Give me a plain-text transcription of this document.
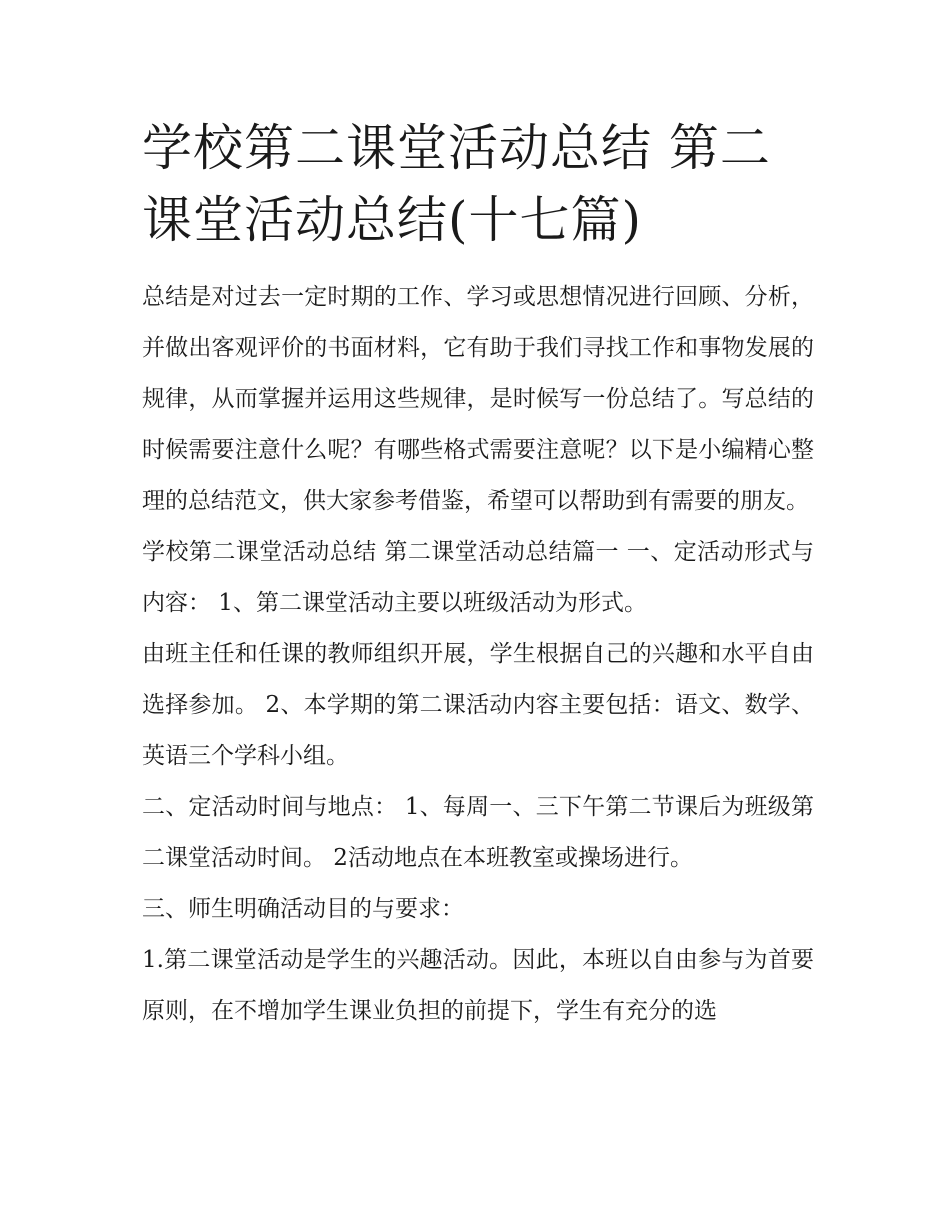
学校第二课堂活动总结 第二课堂活动总结(十七篇)

总结是对过去一定时期的工作、学习或思想情况进行回顾、分析，并做出客观评价的书面材料，它有助于我们寻找工作和事物发展的规律，从而掌握并运用这些规律，是时候写一份总结了。写总结的时候需要注意什么呢？有哪些格式需要注意呢？以下是小编精心整理的总结范文，供大家参考借鉴，希望可以帮助到有需要的朋友。

学校第二课堂活动总结 第二课堂活动总结篇一 一、定活动形式与内容： 1、第二课堂活动主要以班级活动为形式。

由班主任和任课的教师组织开展，学生根据自己的兴趣和水平自由选择参加。 2、本学期的第二课活动内容主要包括：语文、数学、英语三个学科小组。

二、定活动时间与地点： 1、每周一、三下午第二节课后为班级第二课堂活动时间。 2活动地点在本班教室或操场进行。

三、师生明确活动目的与要求：

1.第二课堂活动是学生的兴趣活动。因此，本班以自由参与为首要原则，在不增加学生课业负担的前提下，学生有充分的选
